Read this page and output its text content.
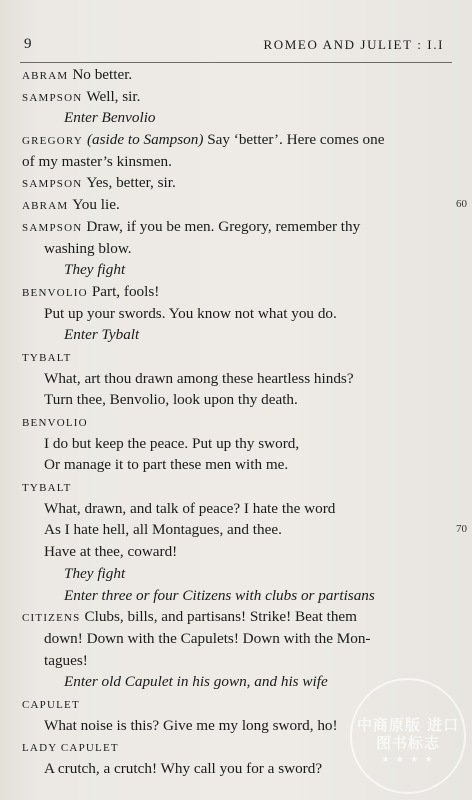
9	ROMEO AND JULIET : I.I
ABRAM No better.
SAMPSON Well, sir.
Enter Benvolio
GREGORY (aside to Sampson) Say ‘better’. Here comes one
of my master’s kinsmen.
SAMPSON Yes, better, sir.
ABRAM You lie.	60
SAMPSON Draw, if you be men. Gregory, remember thy
washing blow.
They fight
BENVOLIO Part, fools!
Put up your swords. You know not what you do.
Enter Tybalt
TYBALT
What, art thou drawn among these heartless hinds?
Turn thee, Benvolio, look upon thy death.
BENVOLIO
I do but keep the peace. Put up thy sword,
Or manage it to part these men with me.
TYBALT
What, drawn, and talk of peace? I hate the word
As I hate hell, all Montagues, and thee.	70
Have at thee, coward!
They fight
Enter three or four Citizens with clubs or partisans
CITIZENS Clubs, bills, and partisans! Strike! Beat them
down! Down with the Capulets! Down with the Mon-
tagues!
Enter old Capulet in his gown, and his wife
CAPULET
What noise is this? Give me my long sword, ho!
LADY CAPULET
A crutch, a crutch! Why call you for a sword?
中商原版 进口图书标志
★ ★ ★ ★
